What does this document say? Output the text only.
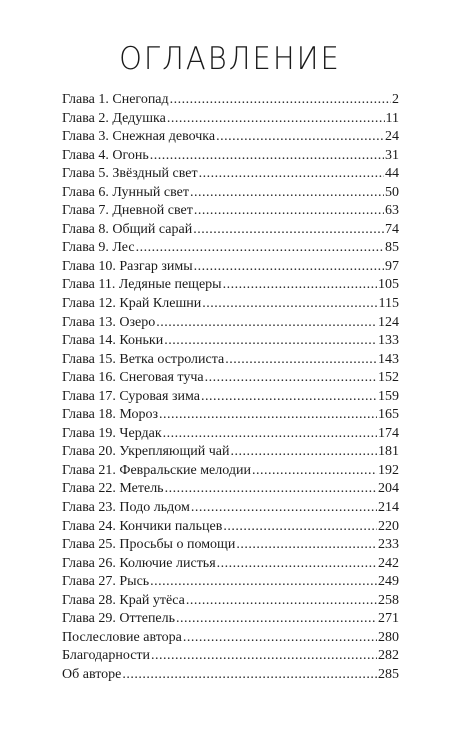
ОГЛАВЛЕНИЕ
Глава 1. Снегопад .....	2
Глава 2. Дедушка .....	11
Глава 3. Снежная девочка .....	24
Глава 4. Огонь .....	31
Глава 5. Звёздный свет .....	44
Глава 6. Лунный свет .....	50
Глава 7. Дневной свет .....	63
Глава 8. Общий сарай .....	74
Глава 9. Лес .....	85
Глава 10. Разгар зимы .....	97
Глава 11. Ледяные пещеры .....	105
Глава 12. Край Клешни .....	115
Глава 13. Озеро .....	124
Глава 14. Коньки .....	133
Глава 15. Ветка остролиста .....	143
Глава 16. Снеговая туча .....	152
Глава 17. Суровая зима .....	159
Глава 18. Мороз .....	165
Глава 19. Чердак .....	174
Глава 20. Укрепляющий чай .....	181
Глава 21. Февральские мелодии .....	192
Глава 22. Метель .....	204
Глава 23. Подо льдом .....	214
Глава 24. Кончики пальцев .....	220
Глава 25. Просьбы о помощи .....	233
Глава 26. Колючие листья .....	242
Глава 27. Рысь .....	249
Глава 28. Край утёса .....	258
Глава 29. Оттепель .....	271
Послесловие автора .....	280
Благодарности .....	282
Об авторе .....	285
